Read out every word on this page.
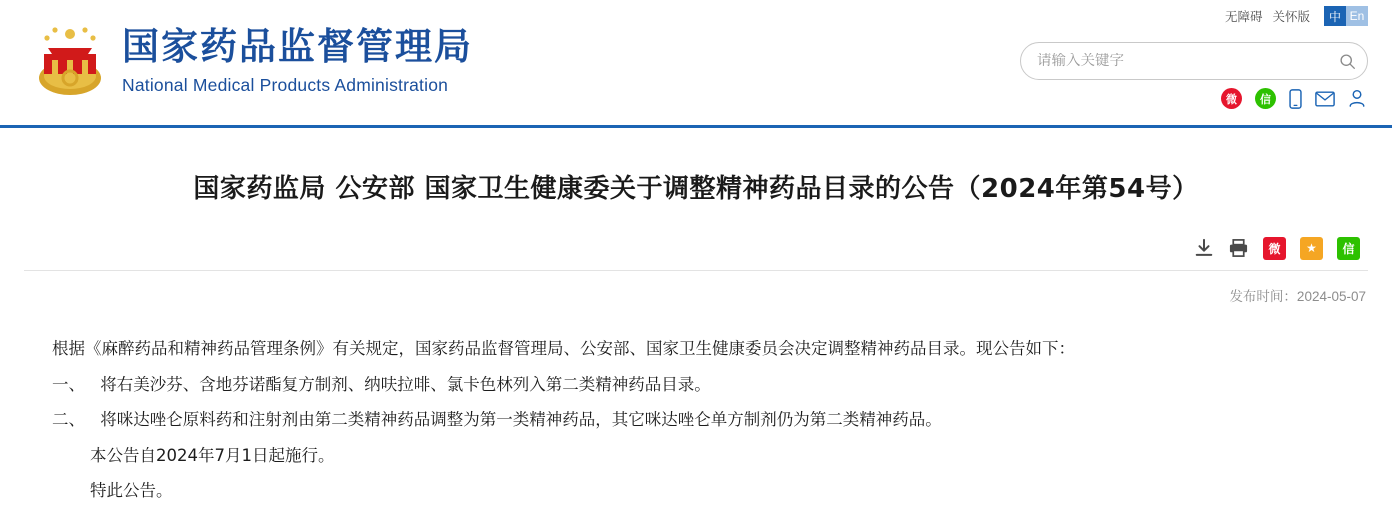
无障碍 关怀版	中 En
国家药品监督管理局
National Medical Products Administration
请输入关键字
微	信
国家药监局 公安部 国家卫生健康委关于调整精神药品目录的公告（2024年第54号）
微	★	信
发布时间：2024-05-07

根据《麻醉药品和精神药品管理条例》有关规定，国家药品监督管理局、公安部、国家卫生健康委员会决定调整精神药品目录。现公告如下：

一、 将右美沙芬、含地芬诺酯复方制剂、纳呋拉啡、氯卡色林列入第二类精神药品目录。

二、 将咪达唑仑原料药和注射剂由第二类精神药品调整为第一类精神药品，其它咪达唑仑单方制剂仍为第二类精神药品。

本公告自2024年7月1日起施行。

特此公告。
